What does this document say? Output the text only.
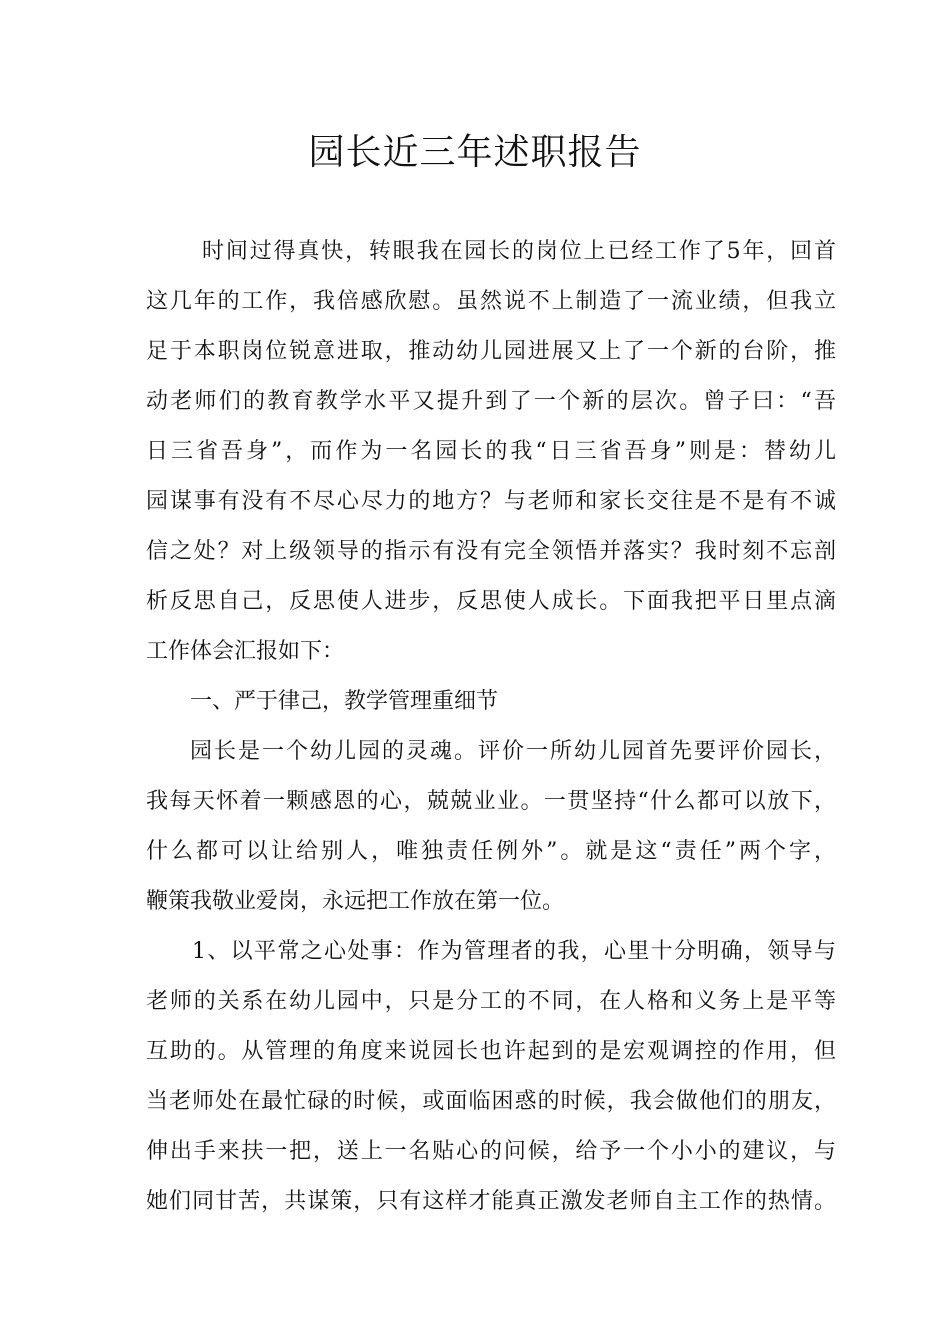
园长近三年述职报告
时间过得真快，转眼我在园长的岗位上已经工作了5年，回首
这几年的工作，我倍感欣慰。虽然说不上制造了一流业绩，但我立
足于本职岗位锐意进取，推动幼儿园进展又上了一个新的台阶，推
动老师们的教育教学水平又提升到了一个新的层次。曾子曰：“吾
日三省吾身”，而作为一名园长的我“日三省吾身”则是：替幼儿
园谋事有没有不尽心尽力的地方？与老师和家长交往是不是有不诚
信之处？对上级领导的指示有没有完全领悟并落实？我时刻不忘剖
析反思自己，反思使人进步，反思使人成长。下面我把平日里点滴
工作体会汇报如下：
一、严于律己，教学管理重细节
园长是一个幼儿园的灵魂。评价一所幼儿园首先要评价园长，
我每天怀着一颗感恩的心，兢兢业业。一贯坚持“什么都可以放下，
什么都可以让给别人，唯独责任例外”。就是这“责任”两个字，
鞭策我敬业爱岗，永远把工作放在第一位。
1、以平常之心处事：作为管理者的我，心里十分明确，领导与
老师的关系在幼儿园中，只是分工的不同，在人格和义务上是平等
互助的。从管理的角度来说园长也许起到的是宏观调控的作用，但
当老师处在最忙碌的时候，或面临困惑的时候，我会做他们的朋友，
伸出手来扶一把，送上一名贴心的问候，给予一个小小的建议，与
她们同甘苦，共谋策，只有这样才能真正激发老师自主工作的热情。
